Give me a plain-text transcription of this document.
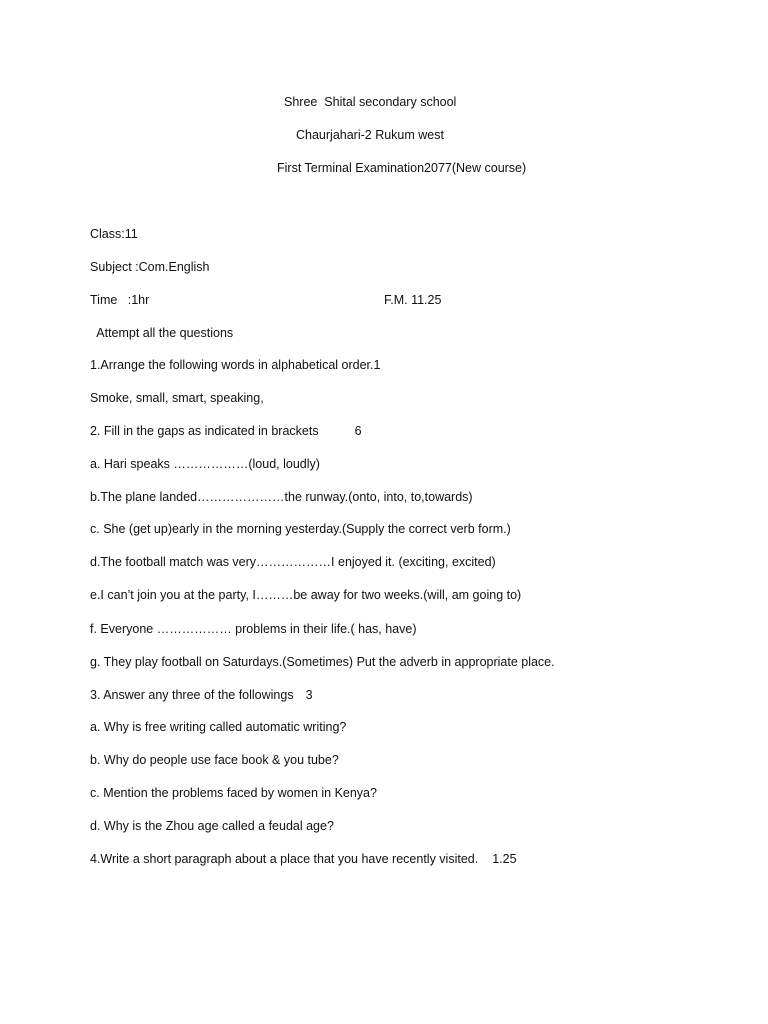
Shree  Shital secondary school
Chaurjahari-2 Rukum west
First Terminal Examination2077(New course)
Class:11
Subject :Com.English
Time   :1hr	F.M. 11.25
Attempt all the questions
1.Arrange the following words in alphabetical order.1
Smoke, small, smart, speaking,
2. Fill in the gaps as indicated in brackets	6
a. Hari speaks ………………(loud, loudly)
b.The plane landed…………………the runway.(onto, into, to,towards)
c. She (get up)early in the morning yesterday.(Supply the correct verb form.)
d.The football match was very………………I enjoyed it. (exciting, excited)
e.I can’t join you at the party, I………be away for two weeks.(will, am going to)
f. Everyone ……………… problems in their life.( has, have)
g. They play football on Saturdays.(Sometimes) Put the adverb in appropriate place.
3. Answer any three of the followings 3
a. Why is free writing called automatic writing?
b. Why do people use face book & you tube?
c. Mention the problems faced by women in Kenya?
d. Why is the Zhou age called a feudal age?
4.Write a short paragraph about a place that you have recently visited. 1.25
